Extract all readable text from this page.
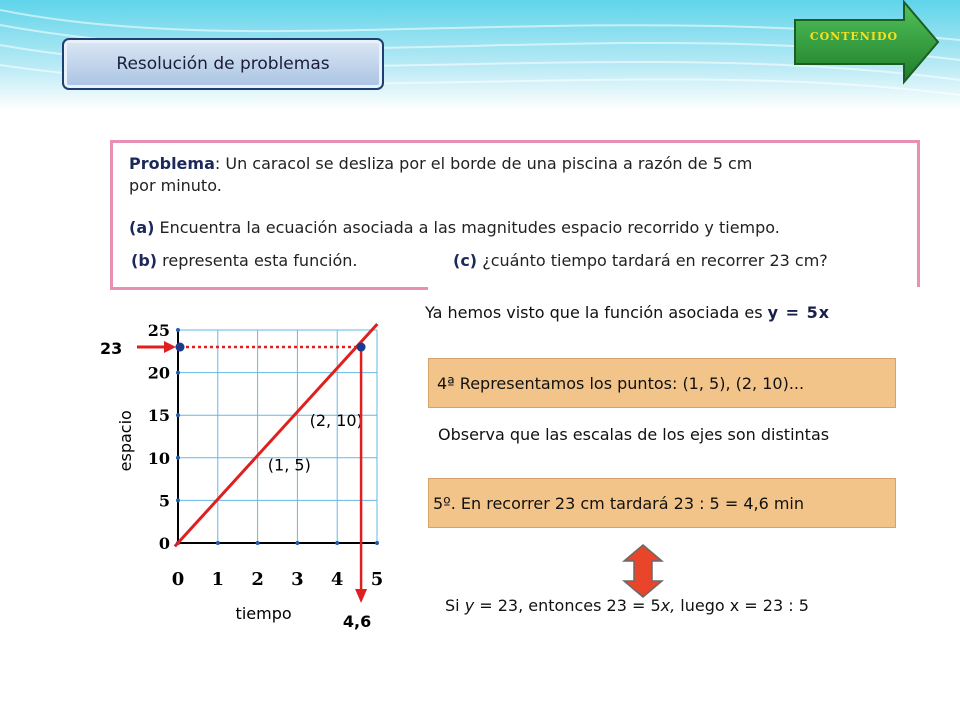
Resolución de problemas
CONTENIDO
Problema: Un caracol se desliza por el borde de una piscina a razón de 5 cm
por minuto.
(a) Encuentra la ecuación asociada a las magnitudes espacio recorrido y tiempo.
(b) representa esta función.	(c) ¿cuánto tiempo tardará en recorrer 23 cm?
Ya hemos visto que la función asociada es y = 5x
4ª Representamos los puntos: (1, 5), (2, 10)...
Observa que las escalas de los ejes son distintas
5º. En recorrer 23 cm tardará 23 : 5 = 4,6 min
Si y = 23, entonces 23 = 5x, luego x = 23 : 5
0 1 2 3 4 5
0
5
10
15
20
25
tiempo
espacio	(1, 5)
(2, 10)
23
4,6
